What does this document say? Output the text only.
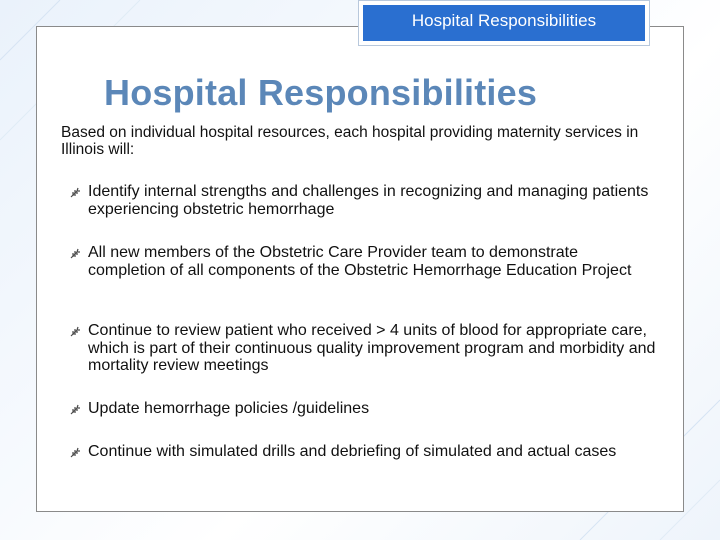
Hospital Responsibilities
Hospital Responsibilities
Based on individual hospital resources, each hospital providing maternity services in Illinois will:
Identify internal strengths and challenges in recognizing and managing patients experiencing obstetric hemorrhage
All new members of the Obstetric Care Provider team to demonstrate completion of all components of the Obstetric Hemorrhage Education Project
Continue to review patient who received > 4 units of blood for appropriate care, which is part of their continuous quality improvement program and morbidity and mortality review meetings
Update hemorrhage policies /guidelines
Continue with simulated drills and debriefing of simulated and actual cases
